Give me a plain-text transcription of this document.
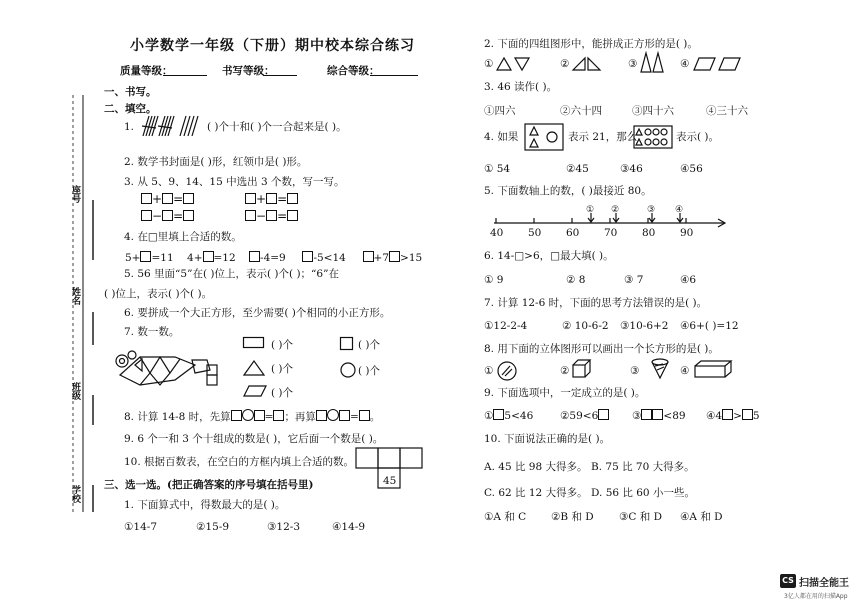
小学数学一年级（下册）期中校本综合练习
质量等级：	书写等级：	综合等级：
座号
姓名
班级
学校
一、书写。
二、填空。
1.	( )个十和( )个一合起来是( )。
2. 数学书封面是( )形，红领巾是( )形。
3. 从 5、9、14、15 中选出 3 个数，写一写。
+ =	+ =
− =	− =
4. 在□里填上合适的数。
5+ =11 4+ =12 -4=9	-5<14	+7 >15
5. 56 里面“5”在( )位上，表示( )个( )；“6”在
( )位上，表示( )个( )。
6. 要拼成一个大正方形，至少需要( )个相同的小正方形。
7. 数一数。
( )个	( )个
( )个	( )个
( )个
8. 计算 14-8 时，先算	= ；再算	= 。
9. 6 个一和 3 个十组成的数是( )，它后面一个数是( )。
10. 根据百数表，在空白的方框内填上合适的数。
45
三、选一选。(把正确答案的序号填在括号里)
1. 下面算式中，得数最大的是( )。
①14-7	②15-9	③12-3	④14-9
2. 下面的四组图形中，能拼成正方形的是( )。
①	②	③	④
3. 46 读作( )。
①四六	②六十四	③四十六	④三十六
4. 如果	表示 21，那么	表示( )。
① 54	②45	③46	④56
5. 下面数轴上的数，( )最接近 80。
① ②	③ ④
40 50 60 70 80 90
6. 14-□>6，□最大填( )。
① 9	② 8	③ 7	④6
7. 计算 12-6 时，下面的思考方法错误的是( )。
①12-2-4	② 10-6-2 ③10-6+2 ④6+( )=12
8. 用下面的立体图形可以画出一个长方形的是( )。
①	②	③	④
9. 下面选项中，一定成立的是( )。
① 5<46	②59<6	③ <89 ④4 > 5
10. 下面说法正确的是( )。
A. 45 比 98 大得多。 B. 75 比 70 大得多。
C. 62 比 12 大得多。 D. 56 比 60 小一些。
①A 和 C ②B 和 D ③C 和 D ④A 和 D
CS 扫描全能王
3亿人都在用的扫描App
